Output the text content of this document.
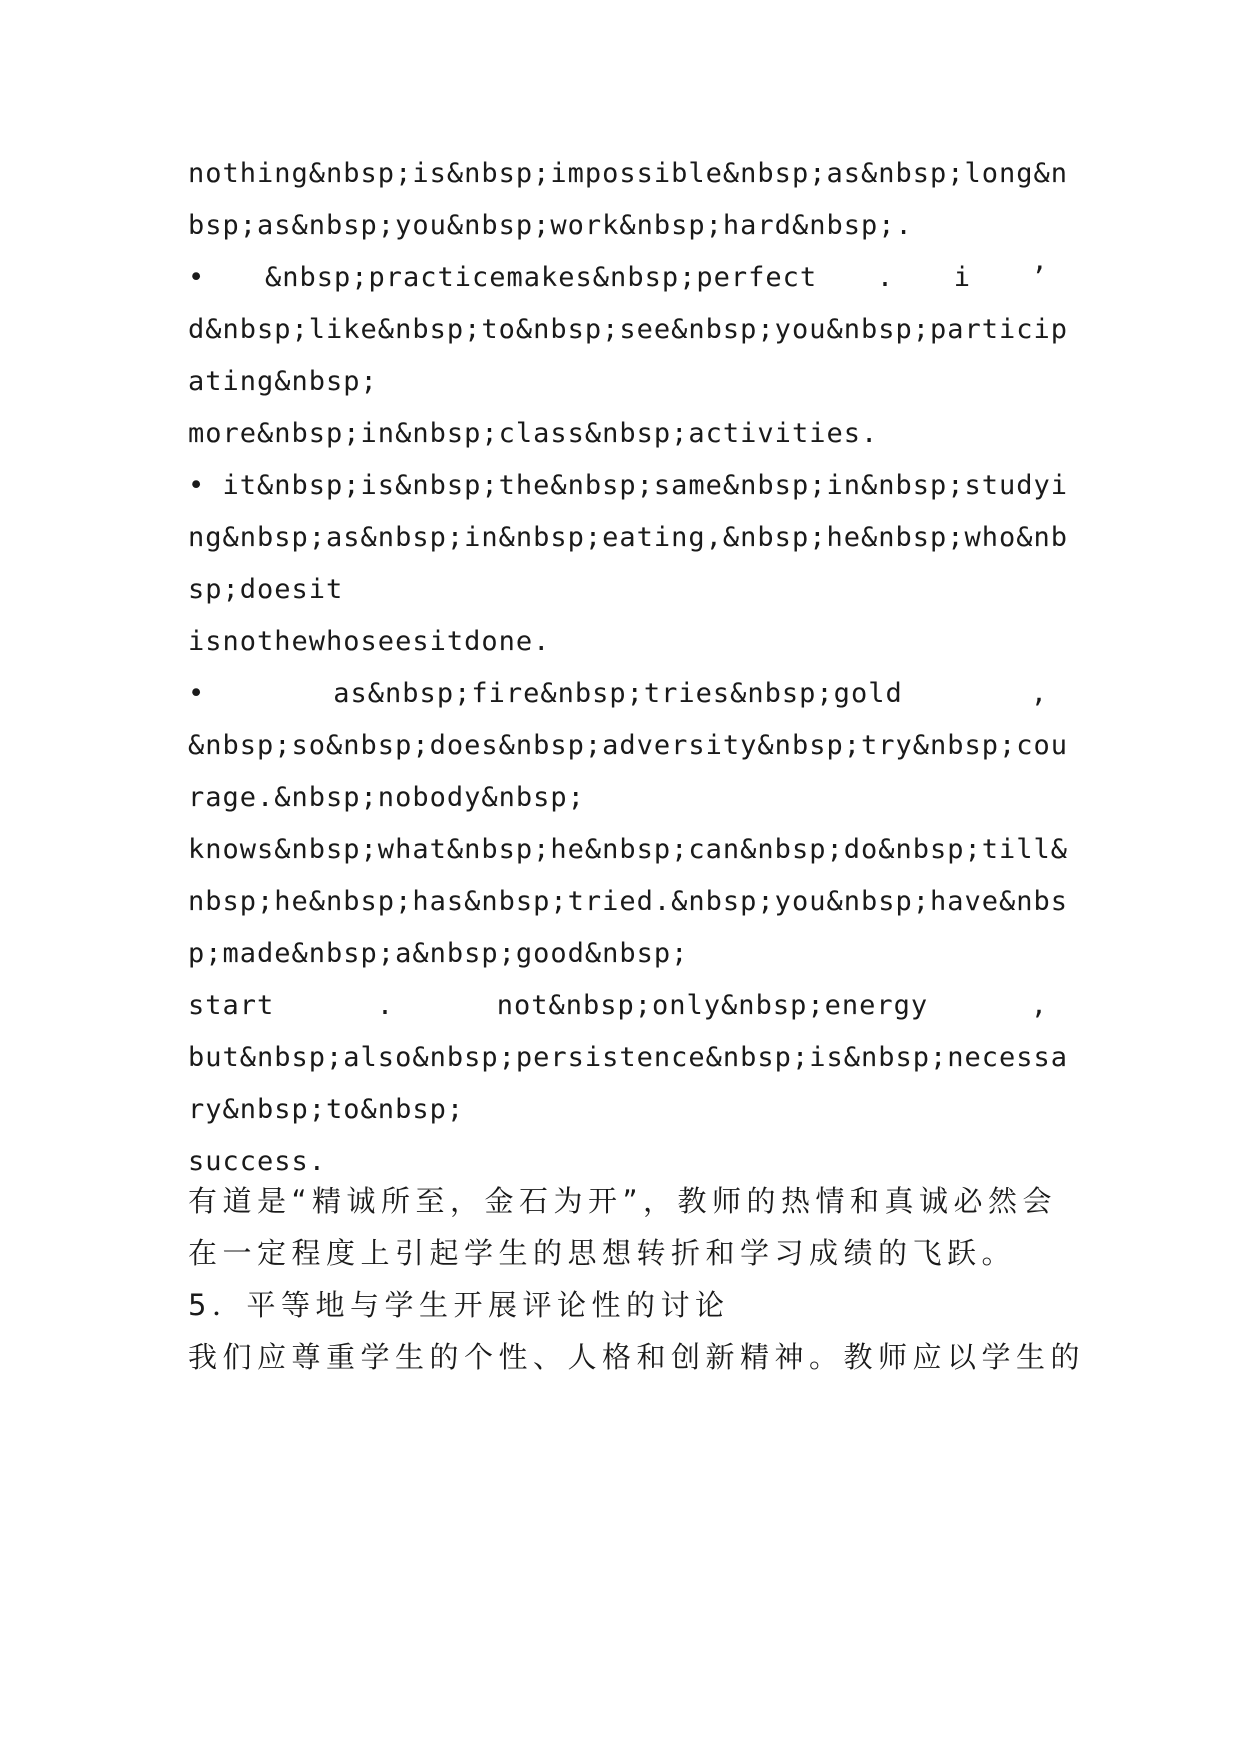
nothing&nbsp;is&nbsp;impossible&nbsp;as&nbsp;long&n
bsp;as&nbsp;you&nbsp;work&nbsp;hard&nbsp;.
• &nbsp;practicemakes&nbsp;perfect . i ’
d&nbsp;like&nbsp;to&nbsp;see&nbsp;you&nbsp;particip
ating&nbsp;
more&nbsp;in&nbsp;class&nbsp;activities.
• it&nbsp;is&nbsp;the&nbsp;same&nbsp;in&nbsp;studyi
ng&nbsp;as&nbsp;in&nbsp;eating,&nbsp;he&nbsp;who&nb
sp;doesit
isnothewhoseesitdone.
•	as&nbsp;fire&nbsp;tries&nbsp;gold	,
&nbsp;so&nbsp;does&nbsp;adversity&nbsp;try&nbsp;cou
rage.&nbsp;nobody&nbsp;
knows&nbsp;what&nbsp;he&nbsp;can&nbsp;do&nbsp;till&
nbsp;he&nbsp;has&nbsp;tried.&nbsp;you&nbsp;have&nbs
p;made&nbsp;a&nbsp;good&nbsp;
start	.	not&nbsp;only&nbsp;energy	,
but&nbsp;also&nbsp;persistence&nbsp;is&nbsp;necessa
ry&nbsp;to&nbsp;
success.
有道是“精诚所至，金石为开”，教师的热情和真诚必然会
在一定程度上引起学生的思想转折和学习成绩的飞跃。
5．平等地与学生开展评论性的讨论
我们应尊重学生的个性、人格和创新精神。教师应以学生的
